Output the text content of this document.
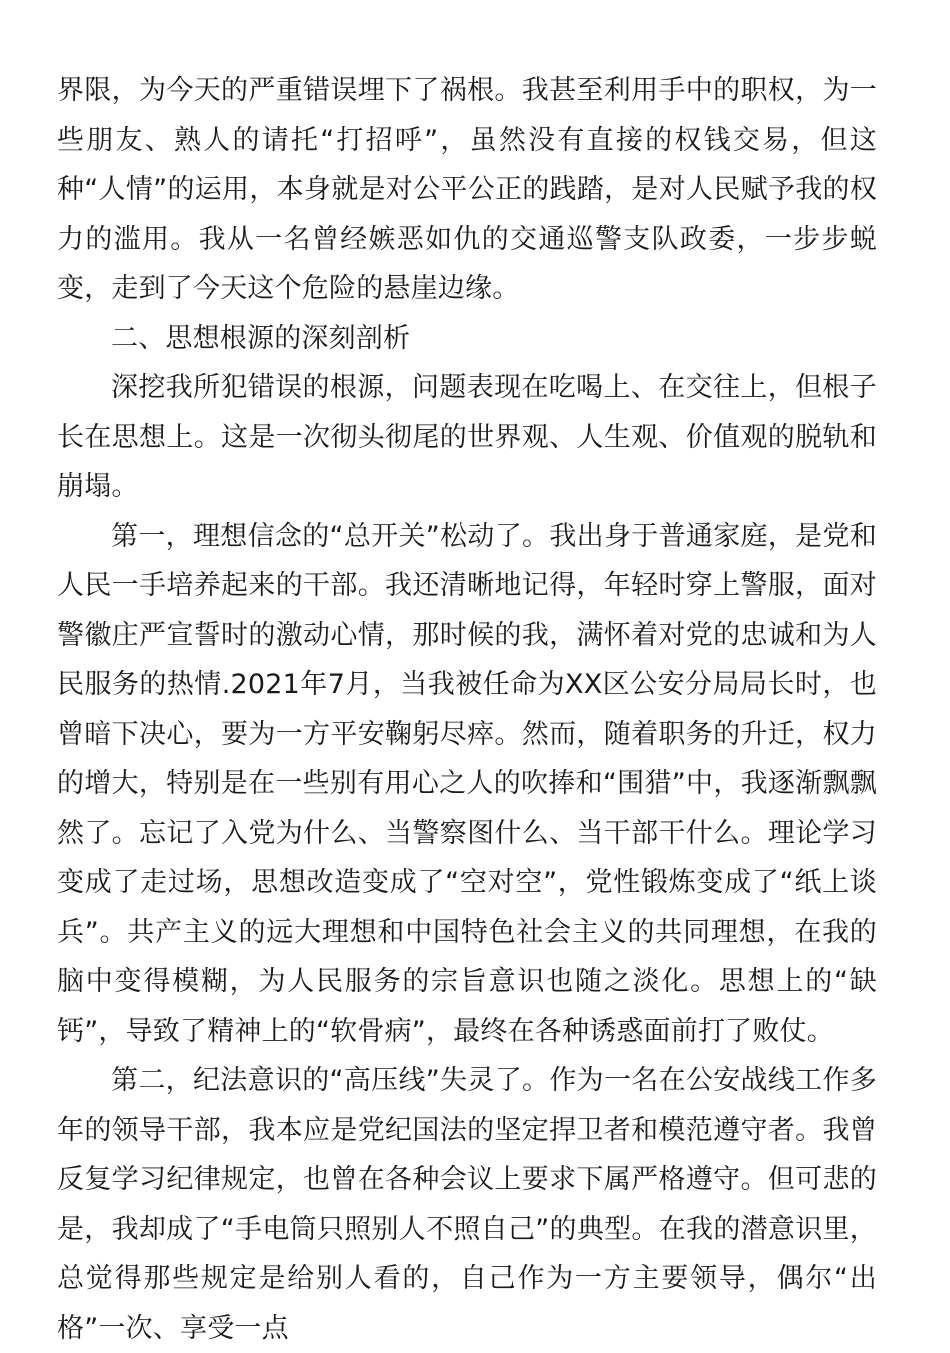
界限，为今天的严重错误埋下了祸根。我甚至利用手中的职权，为一些朋友、熟人的请托“打招呼”，虽然没有直接的权钱交易，但这种“人情”的运用，本身就是对公平公正的践踏，是对人民赋予我的权力的滥用。我从一名曾经嫉恶如仇的交通巡警支队政委，一步步蜕变，走到了今天这个危险的悬崖边缘。

二、思想根源的深刻剖析

深挖我所犯错误的根源，问题表现在吃喝上、在交往上，但根子长在思想上。这是一次彻头彻尾的世界观、人生观、价值观的脱轨和崩塌。

第一，理想信念的“总开关”松动了。我出身于普通家庭，是党和人民一手培养起来的干部。我还清晰地记得，年轻时穿上警服，面对警徽庄严宣誓时的激动心情，那时候的我，满怀着对党的忠诚和为人民服务的热情.2021年7月，当我被任命为XX区公安分局局长时，也曾暗下决心，要为一方平安鞠躬尽瘁。然而，随着职务的升迁，权力的增大，特别是在一些别有用心之人的吹捧和“围猎”中，我逐渐飘飘然了。忘记了入党为什么、当警察图什么、当干部干什么。理论学习变成了走过场，思想改造变成了“空对空”，党性锻炼变成了“纸上谈兵”。共产主义的远大理想和中国特色社会主义的共同理想，在我的脑中变得模糊，为人民服务的宗旨意识也随之淡化。思想上的“缺钙”，导致了精神上的“软骨病”，最终在各种诱惑面前打了败仗。

第二，纪法意识的“高压线”失灵了。作为一名在公安战线工作多年的领导干部，我本应是党纪国法的坚定捍卫者和模范遵守者。我曾反复学习纪律规定，也曾在各种会议上要求下属严格遵守。但可悲的是，我却成了“手电筒只照别人不照自己”的典型。在我的潜意识里，总觉得那些规定是给别人看的，自己作为一方主要领导，偶尔“出格”一次、享受一点
